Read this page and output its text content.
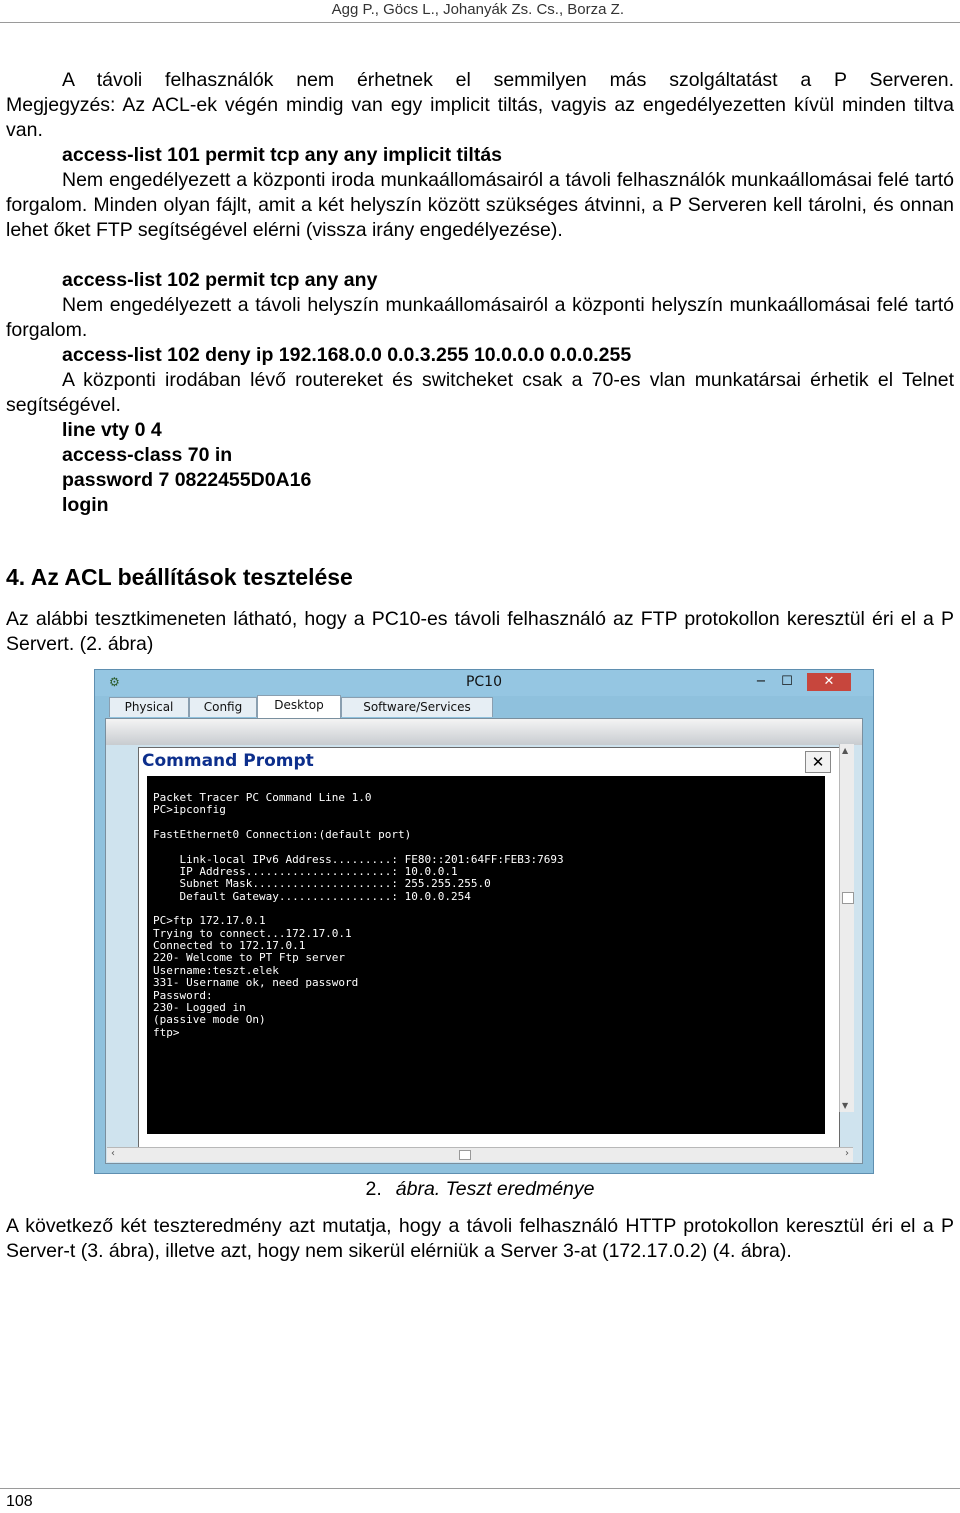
Agg P., Göcs L., Johanyák Zs. Cs., Borza Z.
A távoli felhasználók nem érhetnek el semmilyen más szolgáltatást a P Serveren.
Megjegyzés: Az ACL-ek végén mindig van egy implicit tiltás, vagyis az engedélyezetten kívül minden tiltva van.
access-list 101 permit tcp any any implicit tiltás
Nem engedélyezett a központi iroda munkaállomásairól a távoli felhasználók munkaállomásai felé tartó forgalom. Minden olyan fájlt, amit a két helyszín között szükséges átvinni, a P Serveren kell tárolni, és onnan lehet őket FTP segítségével elérni (vissza irány engedélyezése).
access-list 102 permit tcp any any
Nem engedélyezett a távoli helyszín munkaállomásairól a központi helyszín munkaállomásai felé tartó forgalom.
access-list 102 deny ip 192.168.0.0 0.0.3.255 10.0.0.0 0.0.0.255
A központi irodában lévő routereket és switcheket csak a 70-es vlan munkatársai érhetik el Telnet segítségével.
line vty 0 4
access-class 70 in
password 7 0822455D0A16
login
4. Az ACL beállítások tesztelése
Az alábbi tesztkimeneten látható, hogy a PC10-es távoli felhasználó az FTP protokollon keresztül éri el a P Servert. (2. ábra)
⚙	PC10	−	☐	✕
Physical	Config	Desktop	Software/Services
Command Prompt	✕
Packet Tracer PC Command Line 1.0
PC>ipconfig
FastEthernet0 Connection:(default port)
Link-local IPv6 Address.........: FE80::201:64FF:FEB3:7693
IP Address......................: 10.0.0.1
Subnet Mask.....................: 255.255.255.0
Default Gateway.................: 10.0.0.254
PC>ftp 172.17.0.1
Trying to connect...172.17.0.1
Connected to 172.17.0.1
220- Welcome to PT Ftp server
Username:teszt.elek
331- Username ok, need password
Password:
230- Logged in
(passive mode On)
ftp>
▲
▼
‹	›
2. ábra. Teszt eredménye
A következő két teszteredmény azt mutatja, hogy a távoli felhasználó HTTP protokollon keresztül éri el a P Server-t (3. ábra), illetve azt, hogy nem sikerül elérniük a Server 3-at (172.17.0.2) (4. ábra).
108
